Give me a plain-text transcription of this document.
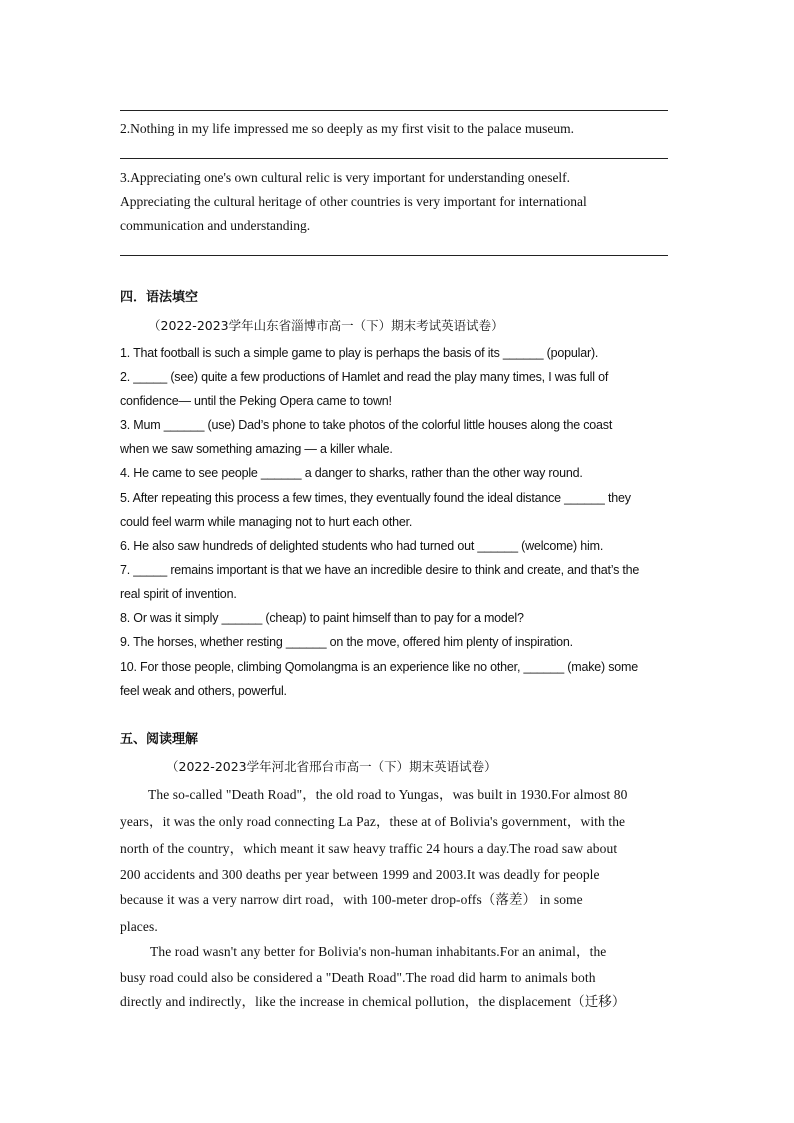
2.Nothing in my life impressed me so deeply as my first visit to the palace museum.
3.Appreciating one's own cultural relic is very important for understanding oneself.
Appreciating the cultural heritage of other countries is very important for international
communication and understanding.
四．语法填空
（2022-2023学年山东省淄博市高一（下）期末考试英语试卷）
1. That football is such a simple game to play is perhaps the basis of its ______ (popular).
2. _____ (see) quite a few productions of Hamlet and read the play many times, I was full of
confidence— until the Peking Opera came to town!
3. Mum ______ (use) Dad’s phone to take photos of the colorful little houses along the coast
when we saw something amazing — a killer whale.
4. He came to see people ______ a danger to sharks, rather than the other way round.
5. After repeating this process a few times, they eventually found the ideal distance ______ they
could feel warm while managing not to hurt each other.
6. He also saw hundreds of delighted students who had turned out ______ (welcome) him.
7. _____ remains important is that we have an incredible desire to think and create, and that’s the
real spirit of invention.
8. Or was it simply ______ (cheap) to paint himself than to pay for a model?
9. The horses, whether resting ______ on the move, offered him plenty of inspiration.
10. For those people, climbing Qomolangma is an experience like no other, ______ (make) some
feel weak and others, powerful.
五、阅读理解
（2022-2023学年河北省邢台市高一（下）期末英语试卷）
The so-called "Death Road"，the old road to Yungas，was built in 1930.For almost 80
years，it was the only road connecting La Paz，these at of Bolivia's government，with the
north of the country，which meant it saw heavy traffic 24 hours a day.The road saw about
200 accidents and 300 deaths per year between 1999 and 2003.It was deadly for people
because it was a very narrow dirt road，with 100-meter drop-offs（落差） in some
places.
The road wasn't any better for Bolivia's non-human inhabitants.For an animal，the
busy road could also be considered a "Death Road".The road did harm to animals both
directly and indirectly，like the increase in chemical pollution，the displacement（迁移）
